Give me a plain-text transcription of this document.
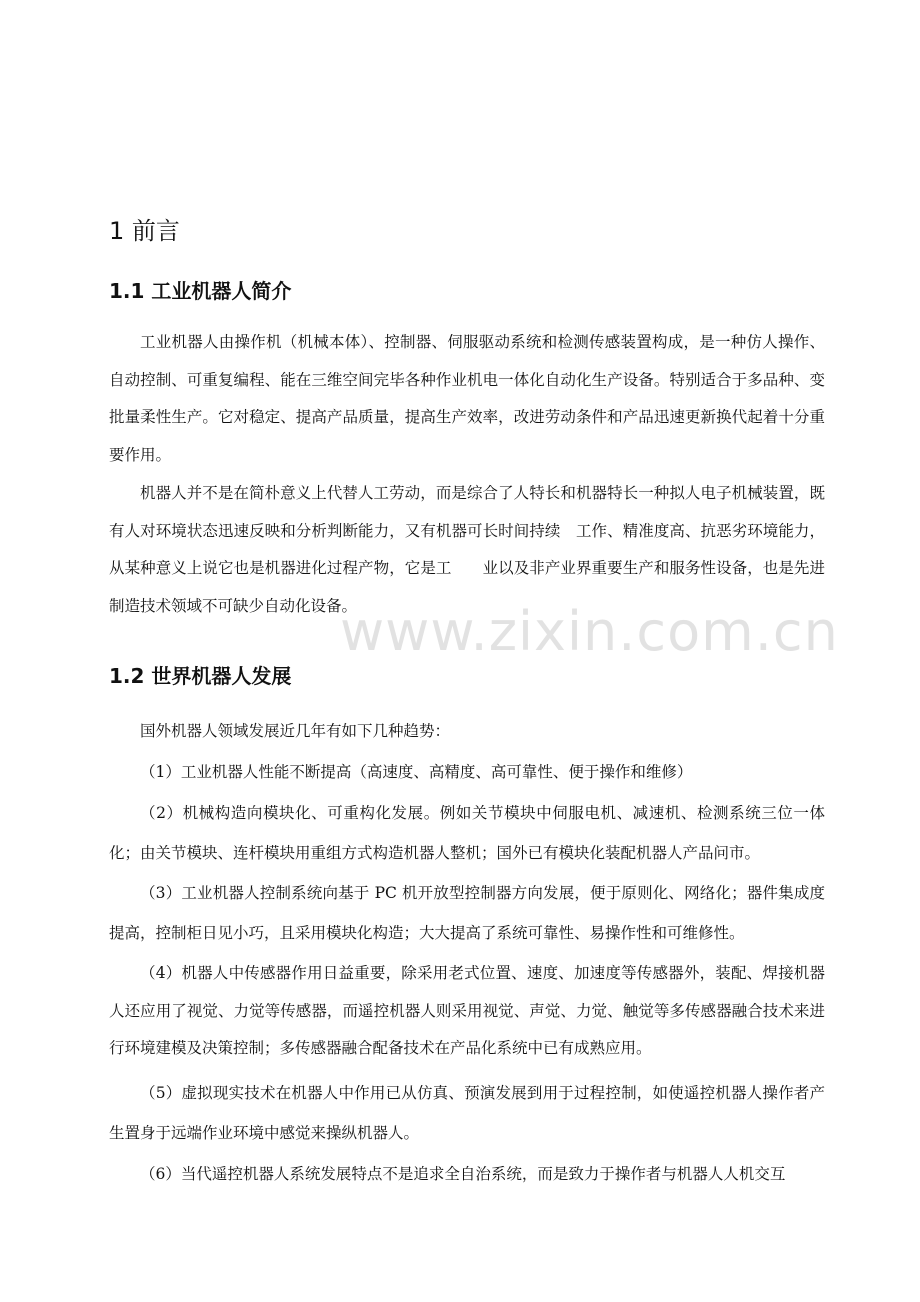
1 前言
1.1 工业机器人简介

工业机器人由操作机（机械本体）、控制器、伺服驱动系统和检测传感装置构成，是一种仿人操作、自动控制、可重复编程、能在三维空间完毕各种作业机电一体化自动化生产设备。特别适合于多品种、变批量柔性生产。它对稳定、提高产品质量，提高生产效率，改进劳动条件和产品迅速更新换代起着十分重要作用。

机器人并不是在简朴意义上代替人工劳动，而是综合了人特长和机器特长一种拟人电子机械装置，既有人对环境状态迅速反映和分析判断能力，又有机器可长时间持续　工作、精准度高、抗恶劣环境能力，从某种意义上说它也是机器进化过程产物，它是工　　业以及非产业界重要生产和服务性设备，也是先进制造技术领域不可缺少自动化设备。

1.2 世界机器人发展

国外机器人领域发展近几年有如下几种趋势：

（1）工业机器人性能不断提高（高速度、高精度、高可靠性、便于操作和维修）

（2）机械构造向模块化、可重构化发展。例如关节模块中伺服电机、减速机、检测系统三位一体化；由关节模块、连杆模块用重组方式构造机器人整机；国外已有模块化装配机器人产品问市。

（3）工业机器人控制系统向基于 PC 机开放型控制器方向发展，便于原则化、网络化；器件集成度提高，控制柜日见小巧，且采用模块化构造；大大提高了系统可靠性、易操作性和可维修性。

（4）机器人中传感器作用日益重要，除采用老式位置、速度、加速度等传感器外，装配、焊接机器人还应用了视觉、力觉等传感器，而遥控机器人则采用视觉、声觉、力觉、触觉等多传感器融合技术来进行环境建模及决策控制；多传感器融合配备技术在产品化系统中已有成熟应用。

（5）虚拟现实技术在机器人中作用已从仿真、预演发展到用于过程控制，如使遥控机器人操作者产生置身于远端作业环境中感觉来操纵机器人。

（6）当代遥控机器人系统发展特点不是追求全自治系统，而是致力于操作者与机器人人机交互

www.zixin.com.cn
